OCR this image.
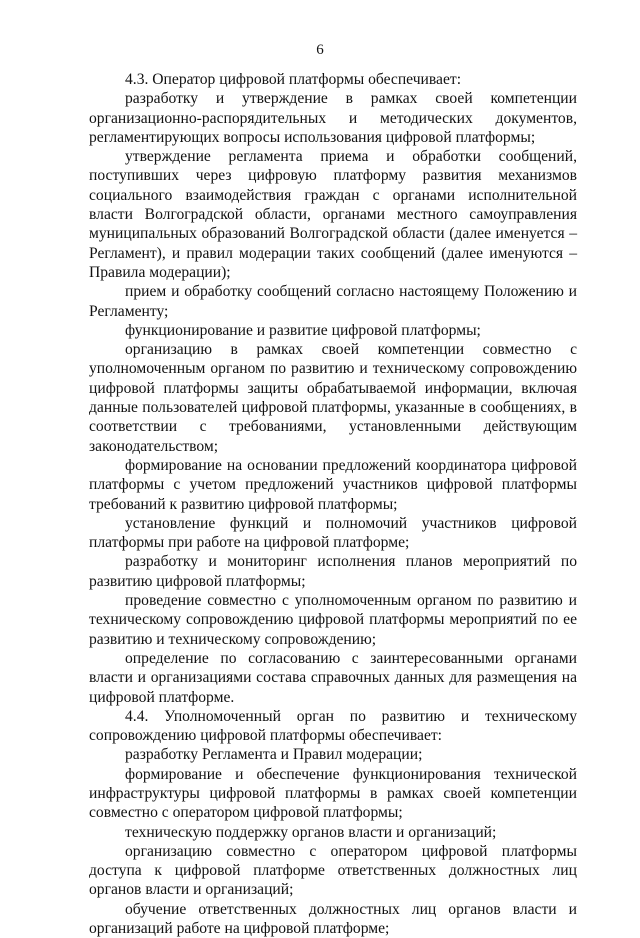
6

4.3. Оператор цифровой платформы обеспечивает:

разработку и утверждение в рамках своей компетенции организационно-распорядительных и методических документов, регламентирующих вопросы использования цифровой платформы;

утверждение регламента приема и обработки сообщений, поступивших через цифровую платформу развития механизмов социального взаимодействия граждан с органами исполнительной власти Волгоградской области, органами местного самоуправления муниципальных образований Волгоградской области (далее именуется – Регламент), и правил модерации таких сообщений (далее именуются – Правила модерации);

прием и обработку сообщений согласно настоящему Положению и Регламенту;

функционирование и развитие цифровой платформы;

организацию в рамках своей компетенции совместно с уполномоченным органом по развитию и техническому сопровождению цифровой платформы защиты обрабатываемой информации, включая данные пользователей цифровой платформы, указанные в сообщениях, в соответствии с требованиями, установленными действующим законодательством;

формирование на основании предложений координатора цифровой платформы с учетом предложений участников цифровой платформы требований к развитию цифровой платформы;

установление функций и полномочий участников цифровой платформы при работе на цифровой платформе;

разработку и мониторинг исполнения планов мероприятий по развитию цифровой платформы;

проведение совместно с уполномоченным органом по развитию и техническому сопровождению цифровой платформы мероприятий по ее развитию и техническому сопровождению;

определение по согласованию с заинтересованными органами власти и организациями состава справочных данных для размещения на цифровой платформе.

4.4. Уполномоченный орган по развитию и техническому сопровождению цифровой платформы обеспечивает:

разработку Регламента и Правил модерации;

формирование и обеспечение функционирования технической инфраструктуры цифровой платформы в рамках своей компетенции совместно с оператором цифровой платформы;

техническую поддержку органов власти и организаций;

организацию совместно с оператором цифровой платформы доступа к цифровой платформе ответственных должностных лиц органов власти и организаций;

обучение ответственных должностных лиц органов власти и организаций работе на цифровой платформе;
